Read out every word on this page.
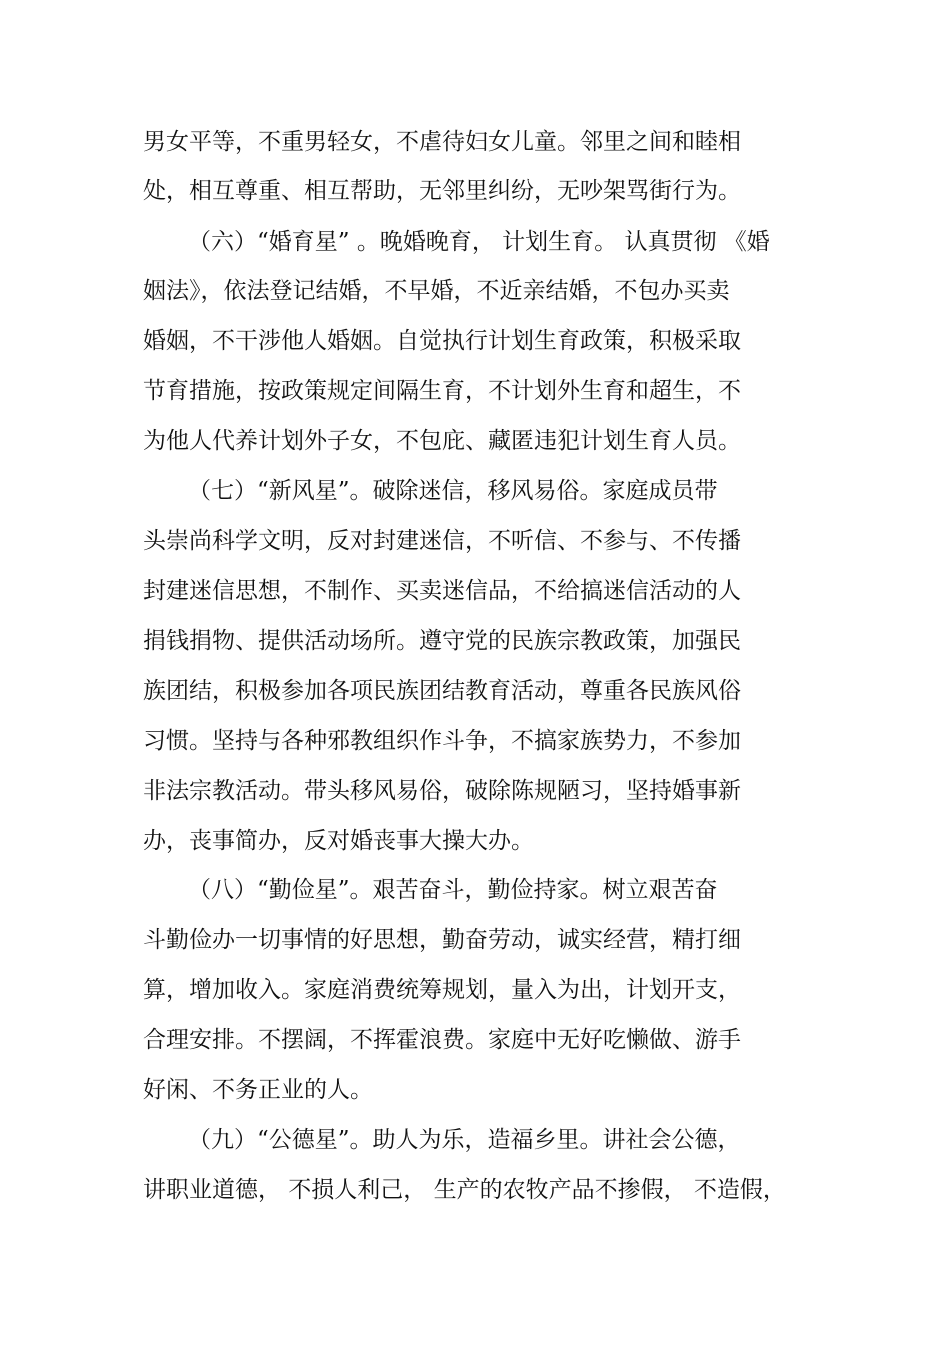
男女平等，不重男轻女，不虐待妇女儿童。邻里之间和睦相
处，相互尊重、相互帮助，无邻里纠纷，无吵架骂街行为。
（六）“婚育星” 。晚婚晚育， 计划生育。 认真贯彻 《婚
姻法》，依法登记结婚，不早婚，不近亲结婚，不包办买卖
婚姻，不干涉他人婚姻。自觉执行计划生育政策，积极采取
节育措施，按政策规定间隔生育，不计划外生育和超生，不
为他人代养计划外子女，不包庇、藏匿违犯计划生育人员。
（七）“新风星”。破除迷信，移风易俗。家庭成员带
头崇尚科学文明，反对封建迷信，不听信、不参与、不传播
封建迷信思想，不制作、买卖迷信品，不给搞迷信活动的人
捐钱捐物、提供活动场所。遵守党的民族宗教政策，加强民
族团结，积极参加各项民族团结教育活动，尊重各民族风俗
习惯。坚持与各种邪教组织作斗争，不搞家族势力，不参加
非法宗教活动。带头移风易俗，破除陈规陋习，坚持婚事新
办，丧事简办，反对婚丧事大操大办。
（八）“勤俭星”。艰苦奋斗，勤俭持家。树立艰苦奋
斗勤俭办一切事情的好思想，勤奋劳动，诚实经营，精打细
算，增加收入。家庭消费统筹规划，量入为出，计划开支，
合理安排。不摆阔，不挥霍浪费。家庭中无好吃懒做、游手
好闲、不务正业的人。
（九）“公德星”。助人为乐，造福乡里。讲社会公德，
讲职业道德， 不损人利己， 生产的农牧产品不掺假， 不造假，
